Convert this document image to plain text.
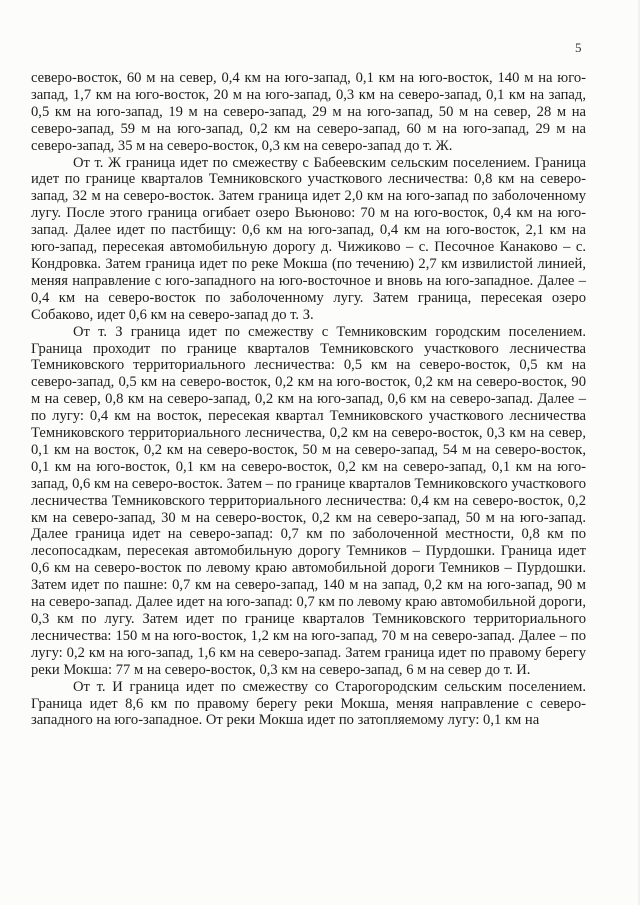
5

северо-восток, 60 м на север, 0,4 км на юго-запад, 0,1 км на юго-восток, 140 м на юго-запад, 1,7 км на юго-восток, 20 м на юго-запад, 0,3 км на северо-запад, 0,1 км на запад, 0,5 км на юго-запад, 19 м на северо-запад, 29 м на юго-запад, 50 м на север, 28 м на северо-запад, 59 м на юго-запад, 0,2 км на северо-запад, 60 м на юго-запад, 29 м на северо-запад, 35 м на северо-восток, 0,3 км на северо-запад до т. Ж.

От т. Ж граница идет по смежеству с Бабеевским сельским поселением. Граница идет по границе кварталов Темниковского участкового лесничества: 0,8 км на северо-запад, 32 м на северо-восток. Затем граница идет 2,0 км на юго-запад по заболоченному лугу. После этого граница огибает озеро Вьюново: 70 м на юго-восток, 0,4 км на юго-запад. Далее идет по пастбищу: 0,6 км на юго-запад, 0,4 км на юго-восток, 2,1 км на юго-запад, пересекая автомобильную дорогу д. Чижиково – с. Песочное Канаково – с. Кондровка. Затем граница идет по реке Мокша (по течению) 2,7 км извилистой линией, меняя направление с юго-западного на юго-восточное и вновь на юго-западное. Далее – 0,4 км на северо-восток по заболоченному лугу. Затем граница, пересекая озеро Собаково, идет 0,6 км на северо-запад до т. З.

От т. З граница идет по смежеству с Темниковским городским поселением. Граница проходит по границе кварталов Темниковского участкового лесничества Темниковского территориального лесничества: 0,5 км на северо-восток, 0,5 км на северо-запад, 0,5 км на северо-восток, 0,2 км на юго-восток, 0,2 км на северо-восток, 90 м на север, 0,8 км на северо-запад, 0,2 км на юго-запад, 0,6 км на северо-запад. Далее – по лугу: 0,4 км на восток, пересекая квартал Темниковского участкового лесничества Темниковского территориального лесничества, 0,2 км на северо-восток, 0,3 км на север, 0,1 км на восток, 0,2 км на северо-восток, 50 м на северо-запад, 54 м на северо-восток, 0,1 км на юго-восток, 0,1 км на северо-восток, 0,2 км на северо-запад, 0,1 км на юго-запад, 0,6 км на северо-восток. Затем – по границе кварталов Темниковского участкового лесничества Темниковского территориального лесничества: 0,4 км на северо-восток, 0,2 км на северо-запад, 30 м на северо-восток, 0,2 км на северо-запад, 50 м на юго-запад. Далее граница идет на северо-запад: 0,7 км по заболоченной местности, 0,8 км по лесопосадкам, пересекая автомобильную дорогу Темников – Пурдошки. Граница идет 0,6 км на северо-восток по левому краю автомобильной дороги Темников – Пурдошки. Затем идет по пашне: 0,7 км на северо-запад, 140 м на запад, 0,2 км на юго-запад, 90 м на северо-запад. Далее идет на юго-запад: 0,7 км по левому краю автомобильной дороги, 0,3 км по лугу. Затем идет по границе кварталов Темниковского территориального лесничества: 150 м на юго-восток, 1,2 км на юго-запад, 70 м на северо-запад. Далее – по лугу: 0,2 км на юго-запад, 1,6 км на северо-запад. Затем граница идет по правому берегу реки Мокша: 77 м на северо-восток, 0,3 км на северо-запад, 6 м на север до т. И.

От т. И граница идет по смежеству со Старогородским сельским поселением. Граница идет 8,6 км по правому берегу реки Мокша, меняя направление с северо-западного на юго-западное. От реки Мокша идет по затопляемому лугу: 0,1 км на
